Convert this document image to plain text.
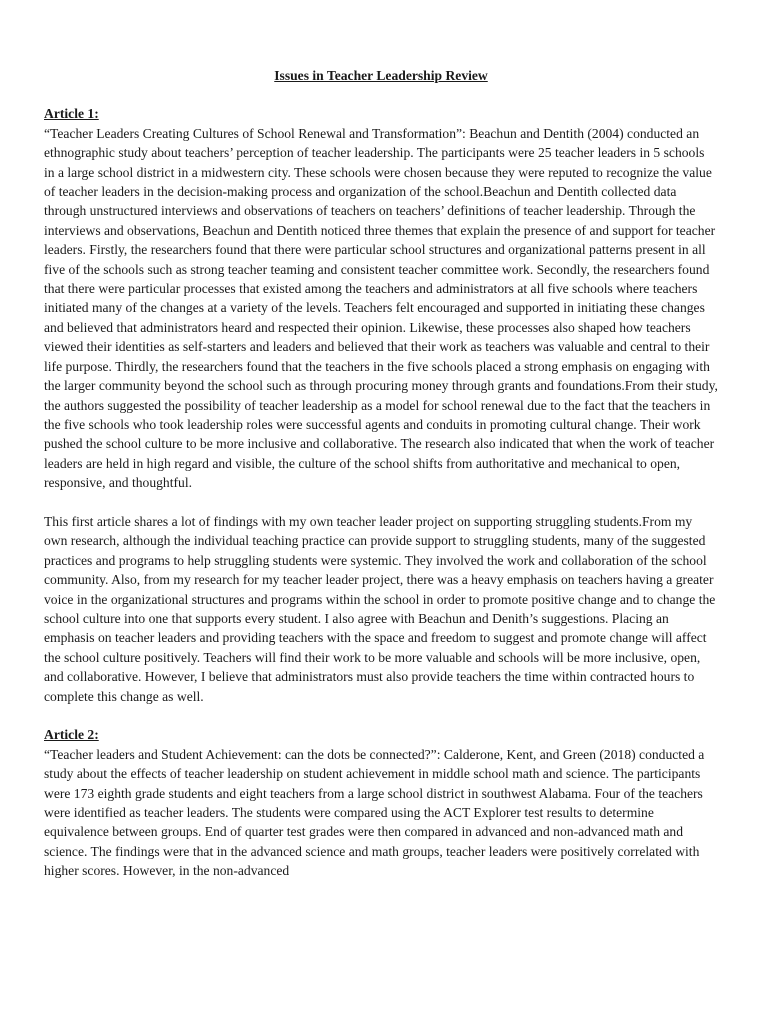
Issues in Teacher Leadership Review

Article 1:

“Teacher Leaders Creating Cultures of School Renewal and Transformation”: Beachun and Dentith (2004) conducted an ethnographic study about teachers’ perception of teacher leadership. The participants were 25 teacher leaders in 5 schools in a large school district in a midwestern city. These schools were chosen because they were reputed to recognize the value of teacher leaders in the decision-making process and organization of the school.Beachun and Dentith collected data through unstructured interviews and observations of teachers on teachers’ definitions of teacher leadership. Through the interviews and observations, Beachun and Dentith noticed three themes that explain the presence of and support for teacher leaders. Firstly, the researchers found that there were particular school structures and organizational patterns present in all five of the schools such as strong teacher teaming and consistent teacher committee work. Secondly, the researchers found that there were particular processes that existed among the teachers and administrators at all five schools where teachers initiated many of the changes at a variety of the levels. Teachers felt encouraged and supported in initiating these changes and believed that administrators heard and respected their opinion. Likewise, these processes also shaped how teachers viewed their identities as self-starters and leaders and believed that their work as teachers was valuable and central to their life purpose. Thirdly, the researchers found that the teachers in the five schools placed a strong emphasis on engaging with the larger community beyond the school such as through procuring money through grants and foundations.From their study, the authors suggested the possibility of teacher leadership as a model for school renewal due to the fact that the teachers in the five schools who took leadership roles were successful agents and conduits in promoting cultural change. Their work pushed the school culture to be more inclusive and collaborative. The research also indicated that when the work of teacher leaders are held in high regard and visible, the culture of the school shifts from authoritative and mechanical to open, responsive, and thoughtful.

This first article shares a lot of findings with my own teacher leader project on supporting struggling students.From my own research, although the individual teaching practice can provide support to struggling students, many of the suggested practices and programs to help struggling students were systemic. They involved the work and collaboration of the school community. Also, from my research for my teacher leader project, there was a heavy emphasis on teachers having a greater voice in the organizational structures and programs within the school in order to promote positive change and to change the school culture into one that supports every student. I also agree with Beachun and Denith’s suggestions. Placing an emphasis on teacher leaders and providing teachers with the space and freedom to suggest and promote change will affect the school culture positively. Teachers will find their work to be more valuable and schools will be more inclusive, open, and collaborative. However, I believe that administrators must also provide teachers the time within contracted hours to complete this change as well.

Article 2:

“Teacher leaders and Student Achievement: can the dots be connected?”: Calderone, Kent, and Green (2018) conducted a study about the effects of teacher leadership on student achievement in middle school math and science. The participants were 173 eighth grade students and eight teachers from a large school district in southwest Alabama. Four of the teachers were identified as teacher leaders. The students were compared using the ACT Explorer test results to determine equivalence between groups. End of quarter test grades were then compared in advanced and non-advanced math and science. The findings were that in the advanced science and math groups, teacher leaders were positively correlated with higher scores. However, in the non-advanced
